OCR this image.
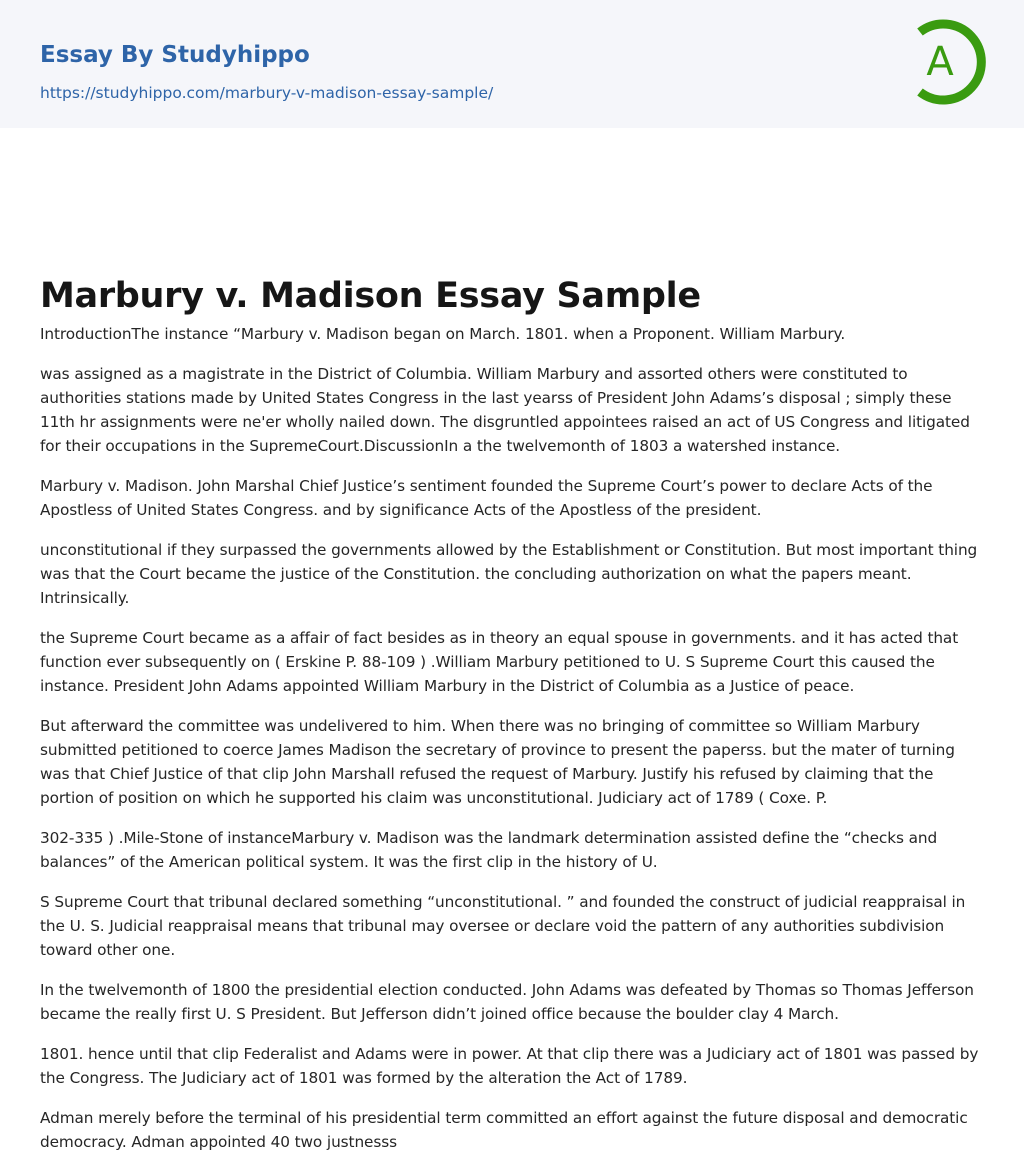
Essay By Studyhippo
https://studyhippo.com/marbury-v-madison-essay-sample/
A
Marbury v. Madison Essay Sample

IntroductionThe instance “Marbury v. Madison began on March. 1801. when a Proponent. William Marbury.

was assigned as a magistrate in the District of Columbia. William Marbury and assorted others were constituted to authorities stations made by United States Congress in the last yearss of President John Adams’s disposal ; simply these 11th hr assignments were ne'er wholly nailed down. The disgruntled appointees raised an act of US Congress and litigated for their occupations in the SupremeCourt.DiscussionIn a the twelvemonth of 1803 a watershed instance.

Marbury v. Madison. John Marshal Chief Justice’s sentiment founded the Supreme Court’s power to declare Acts of the Apostless of United States Congress. and by significance Acts of the Apostless of the president.

unconstitutional if they surpassed the governments allowed by the Establishment or Constitution. But most important thing was that the Court became the justice of the Constitution. the concluding authorization on what the papers meant. Intrinsically.

the Supreme Court became as a affair of fact besides as in theory an equal spouse in governments. and it has acted that function ever subsequently on ( Erskine P. 88-109 ) .William Marbury petitioned to U. S Supreme Court this caused the instance. President John Adams appointed William Marbury in the District of Columbia as a Justice of peace.

But afterward the committee was undelivered to him. When there was no bringing of committee so William Marbury submitted petitioned to coerce James Madison the secretary of province to present the paperss. but the mater of turning was that Chief Justice of that clip John Marshall refused the request of Marbury. Justify his refused by claiming that the portion of position on which he supported his claim was unconstitutional. Judiciary act of 1789 ( Coxe. P.

302-335 ) .Mile-Stone of instanceMarbury v. Madison was the landmark determination assisted define the “checks and balances” of the American political system. It was the first clip in the history of U.

S Supreme Court that tribunal declared something “unconstitutional. ” and founded the construct of judicial reappraisal in the U. S. Judicial reappraisal means that tribunal may oversee or declare void the pattern of any authorities subdivision toward other one.

In the twelvemonth of 1800 the presidential election conducted. John Adams was defeated by Thomas so Thomas Jefferson became the really first U. S President. But Jefferson didn’t joined office because the boulder clay 4 March.

1801. hence until that clip Federalist and Adams were in power. At that clip there was a Judiciary act of 1801 was passed by the Congress. The Judiciary act of 1801 was formed by the alteration the Act of 1789.

Adman merely before the terminal of his presidential term committed an effort against the future disposal and democratic democracy. Adman appointed 40 two justnesss
